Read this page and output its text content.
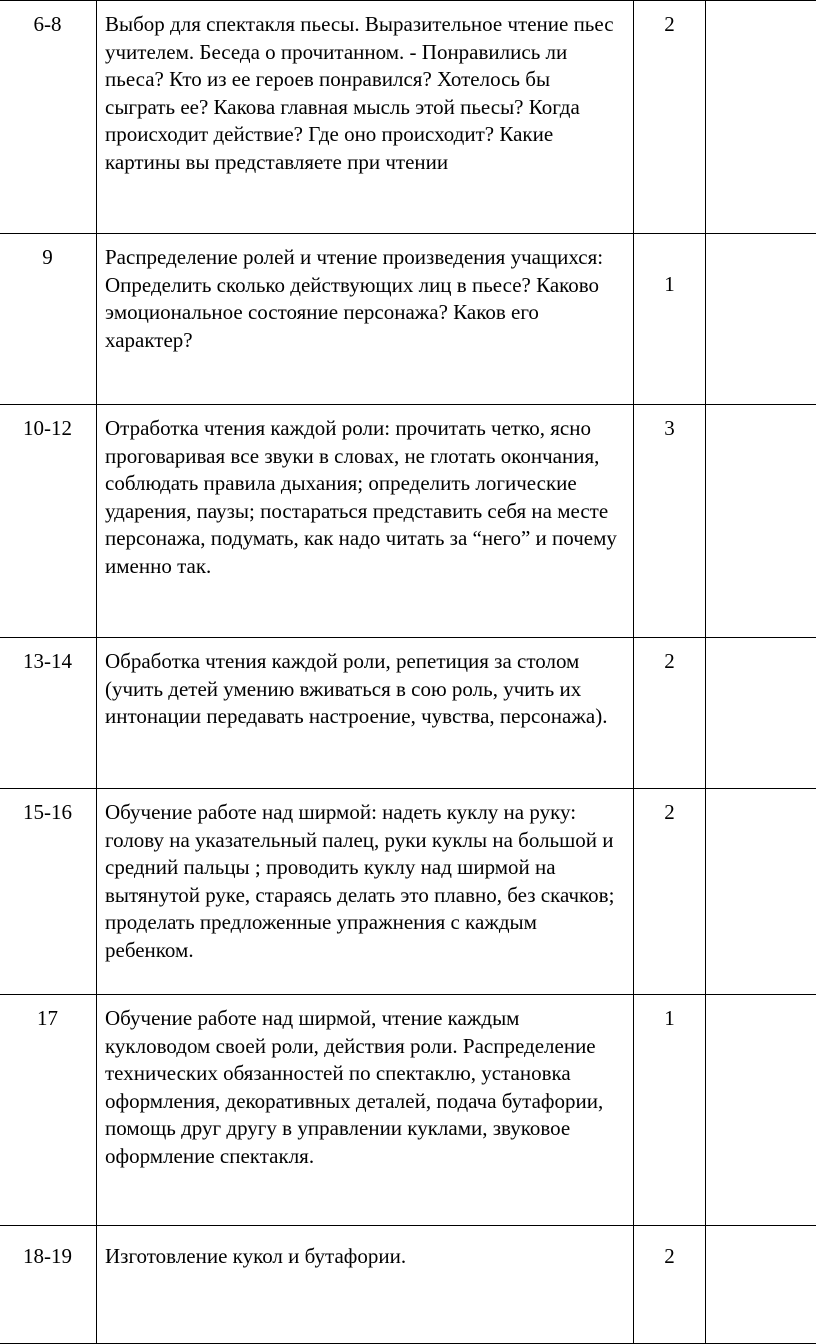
6-8	Выбор для спектакля пьесы. Выразительное чтение пьес учителем. Беседа о прочитанном. - Понравились ли пьеса? Кто из ее героев понравился? Хотелось бы сыграть ее? Какова главная мысль этой пьесы? Когда происходит действие? Где оно происходит? Какие картины вы представляете при чтении	2	
9	Распределение ролей и чтение произведения учащихся: Определить сколько действующих лиц в пьесе? Каково эмоциональное состояние персонажа? Каков его характер?	1	
10-12	Отработка чтения каждой роли: прочитать четко, ясно проговаривая все звуки в словах, не глотать окончания, соблюдать правила дыхания; определить логические ударения, паузы; постараться представить себя на месте персонажа, подумать, как надо читать за “него” и почему именно так.	3	
13-14	Обработка чтения каждой роли, репетиция за столом (учить детей умению вживаться в сою роль, учить их интонации передавать настроение, чувства, персонажа).	2	
15-16	Обучение работе над ширмой: надеть куклу на руку: голову на указательный палец, руки куклы на большой и средний пальцы ; проводить куклу над ширмой на вытянутой руке, стараясь делать это плавно, без скачков; проделать предложенные упражнения с каждым ребенком.	2	
17	Обучение работе над ширмой, чтение каждым кукловодом своей роли, действия роли. Распределение технических обязанностей по спектаклю, установка оформления, декоративных деталей, подача бутафории, помощь друг другу в управлении куклами, звуковое оформление спектакля.	1	
18-19	Изготовление кукол и бутафории.	2	
